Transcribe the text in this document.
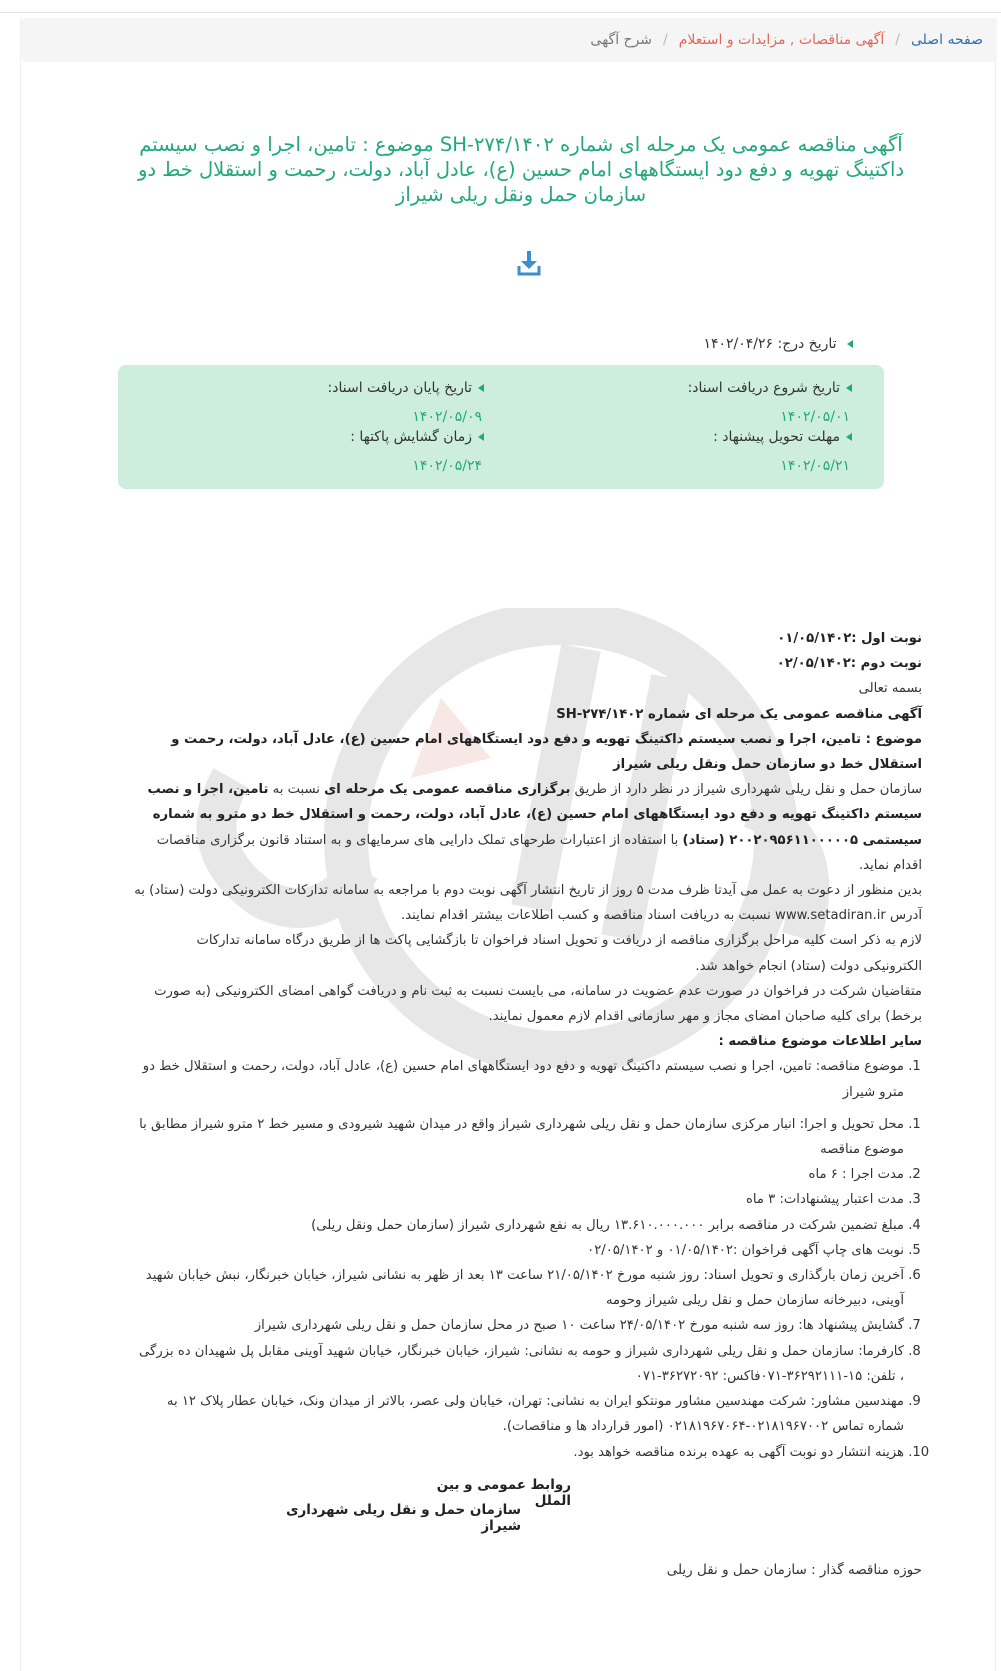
صفحه اصلی
/
آگهی مناقصات , مزایدات و استعلام
/
شرح آگهی
آگهی مناقصه عمومی یک مرحله ای شماره SH-۲۷۴/۱۴۰۲ موضوع : تامین، اجرا و نصب سیستم داکتینگ تهویه و دفع دود ایستگاههای امام حسین (ع)، عادل آباد، دولت، رحمت و استقلال خط دو سازمان حمل ونقل ریلی شیراز
تاریخ درج: ۱۴۰۲/۰۴/۲۶
تاریخ شروع دریافت اسناد:
۱۴۰۲/۰۵/۰۱
تاریخ پایان دریافت اسناد:
۱۴۰۲/۰۵/۰۹
مهلت تحویل پیشنهاد :
۱۴۰۲/۰۵/۲۱
زمان گشایش پاکتها :
۱۴۰۲/۰۵/۲۴

نوبت اول :۰۱/۰۵/۱۴۰۲

نوبت دوم :۰۲/۰۵/۱۴۰۲

بسمه تعالی

آگهی مناقصه عمومی یک مرحله ای شماره SH-۲۷۴/۱۴۰۲

موضوع : تامین، اجرا و نصب سیستم داکتینگ تهویه و دفع دود ایستگاههای امام حسین (ع)، عادل آباد، دولت، رحمت و استقلال خط دو سازمان حمل ونقل ریلی شیراز

سازمان حمل و نقل ریلی شهرداری شیراز در نظر دارد از طریق برگزاری مناقصه عمومی یک مرحله ای نسبت به تامین، اجرا و نصب سیستم داکتینگ تهویه و دفع دود ایستگاههای امام حسین (ع)، عادل آباد، دولت، رحمت و استقلال خط دو مترو به شماره سیستمی ۲۰۰۲۰۹۵۶۱۱۰۰۰۰۰۵ (ستاد) با استفاده از اعتبارات طرحهای تملک دارایی های سرمایهای و به استناد قانون برگزاری مناقصات اقدام نماید.

بدین منظور از دعوت به عمل می آیدتا ظرف مدت ۵ روز از تاریخ انتشار آگهی نوبت دوم با مراجعه به سامانه تدارکات الکترونیکی دولت (ستاد) به آدرس www.setadiran.ir نسبت به دریافت اسناد مناقصه و کسب اطلاعات بیشتر اقدام نمایند.

لازم به ذکر است کلیه مراحل برگزاری مناقصه از دریافت و تحویل اسناد فراخوان تا بازگشایی پاکت ها از طریق درگاه سامانه تدارکات الکترونیکی دولت (ستاد) انجام خواهد شد.

متقاضیان شرکت در فراخوان در صورت عدم عضویت در سامانه، می بایست نسبت به ثبت نام و دریافت گواهی امضای الکترونیکی (به صورت برخط) برای کلیه صاحبان امضای مجاز و مهر سازمانی اقدام لازم معمول نمایند.

سایر اطلاعات موضوع مناقصه :

1. موضوع مناقصه: تامین، اجرا و نصب سیستم داکتینگ تهویه و دفع دود ایستگاههای امام حسین (ع)، عادل آباد، دولت، رحمت و استقلال خط دو مترو شیراز
1. محل تحویل و اجرا: انبار مرکزی سازمان حمل و نقل ریلی شهرداری شیراز واقع در میدان شهید شیرودی و مسیر خط ۲ مترو شیراز مطابق با موضوع مناقصه
2. مدت اجرا : ۶ ماه
3. مدت اعتبار پیشنهادات: ۳ ماه
4. مبلغ تضمین شرکت در مناقصه برابر ۱۳.۶۱۰.۰۰۰.۰۰۰ ریال به نفع شهرداری شیراز (سازمان حمل ونقل ریلی)
5. نوبت های چاپ آگهی فراخوان :۰۱/۰۵/۱۴۰۲ و ۰۲/۰۵/۱۴۰۲
6. آخرین زمان بارگذاری و تحویل اسناد: روز شنبه مورخ ۲۱/۰۵/۱۴۰۲ ساعت ۱۳ بعد از ظهر به نشانی شیراز، خیابان خبرنگار، نبش خیابان شهید آوینی، دبیرخانه سازمان حمل و نقل ریلی شیراز وحومه
7. گشایش پیشنهاد ها: روز سه شنبه مورخ ۲۴/۰۵/۱۴۰۲ ساعت ۱۰ صبح در محل سازمان حمل و نقل ریلی شهرداری شیراز
8. کارفرما: سازمان حمل و نقل ریلی شهرداری شیراز و حومه به نشانی: شیراز، خیابان خبرنگار، خیابان شهید آوینی مقابل پل شهیدان ده بزرگی ، تلفن: ۱۵-۳۶۲۹۲۱۱۱-۰۷۱فاکس: ۳۶۲۷۲۰۹۲-۰۷۱
9. مهندسین مشاور: شرکت مهندسین مشاور مونتکو ایران به نشانی: تهران، خیابان ولی عصر، بالاتر از میدان ونک، خیابان عطار پلاک ۱۲ به شماره تماس ۰۲۱۸۱۹۶۷۰۰۲-۰۲۱۸۱۹۶۷۰۶۴ (امور قرارداد ها و مناقصات).
10. هزینه انتشار دو نوبت آگهی به عهده برنده مناقصه خواهد بود.
روابط عمومی و بین الملل
سازمان حمل و نقل ریلی شهرداری شیراز
حوزه مناقصه گذار : سازمان حمل و نقل ریلی
